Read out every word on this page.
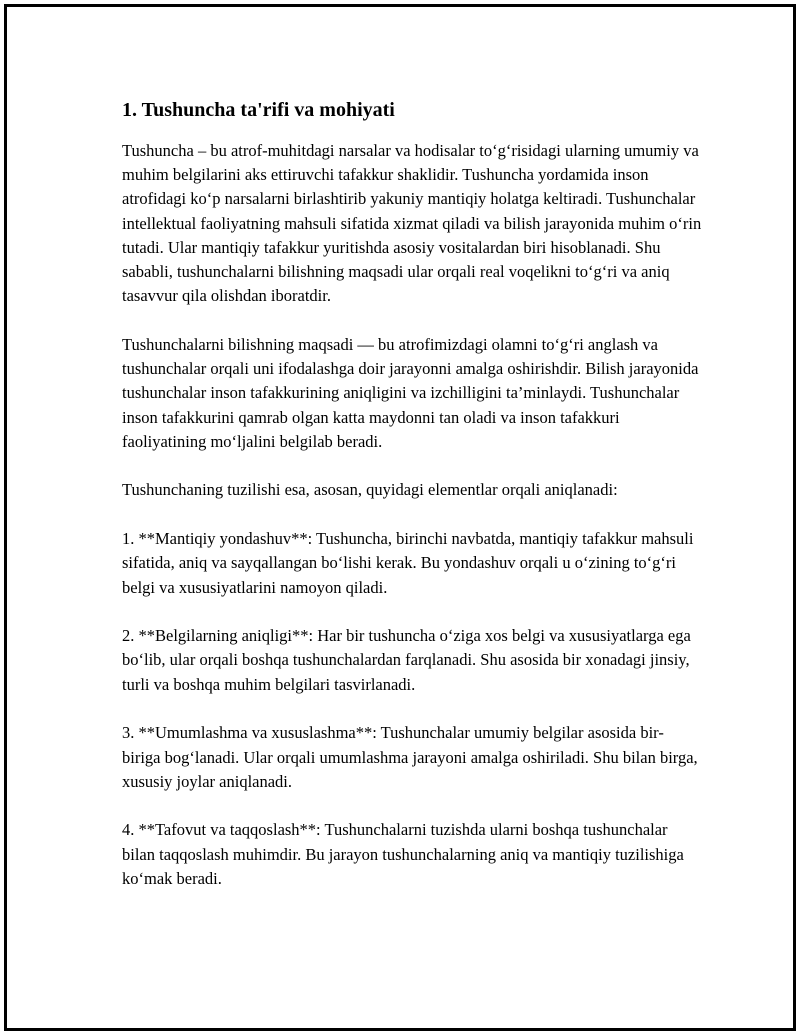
1. Tushuncha ta'rifi va mohiyati

Tushuncha – bu atrof-muhitdagi narsalar va hodisalar to‘g‘risidagi ularning umumiy va muhim belgilarini aks ettiruvchi tafakkur shaklidir. Tushuncha yordamida inson atrofidagi ko‘p narsalarni birlashtirib yakuniy mantiqiy holatga keltiradi. Tushunchalar intellektual faoliyatning mahsuli sifatida xizmat qiladi va bilish jarayonida muhim o‘rin tutadi. Ular mantiqiy tafakkur yuritishda asosiy vositalardan biri hisoblanadi. Shu sababli, tushunchalarni bilishning maqsadi ular orqali real voqelikni to‘g‘ri va aniq tasavvur qila olishdan iboratdir.

Tushunchalarni bilishning maqsadi — bu atrofimizdagi olamni to‘g‘ri anglash va tushunchalar orqali uni ifodalashga doir jarayonni amalga oshirishdir. Bilish jarayonida tushunchalar inson tafakkurining aniqligini va izchilligini ta’minlaydi. Tushunchalar inson tafakkurini qamrab olgan katta maydonni tan oladi va inson tafakkuri faoliyatining mo‘ljalini belgilab beradi.

Tushunchaning tuzilishi esa, asosan, quyidagi elementlar orqali aniqlanadi:

1. **Mantiqiy yondashuv**: Tushuncha, birinchi navbatda, mantiqiy tafakkur mahsuli sifatida, aniq va sayqallangan bo‘lishi kerak. Bu yondashuv orqali u o‘zining to‘g‘ri belgi va xususiyatlarini namoyon qiladi.

2. **Belgilarning aniqligi**: Har bir tushuncha o‘ziga xos belgi va xususiyatlarga ega bo‘lib, ular orqali boshqa tushunchalardan farqlanadi. Shu asosida bir xonadagi jinsiy, turli va boshqa muhim belgilari tasvirlanadi.

3. **Umumlashma va xususlashma**: Tushunchalar umumiy belgilar asosida bir-biriga bog‘lanadi. Ular orqali umumlashma jarayoni amalga oshiriladi. Shu bilan birga, xususiy joylar aniqlanadi.

4. **Tafovut va taqqoslash**: Tushunchalarni tuzishda ularni boshqa tushunchalar bilan taqqoslash muhimdir. Bu jarayon tushunchalarning aniq va mantiqiy tuzilishiga ko‘mak beradi.
